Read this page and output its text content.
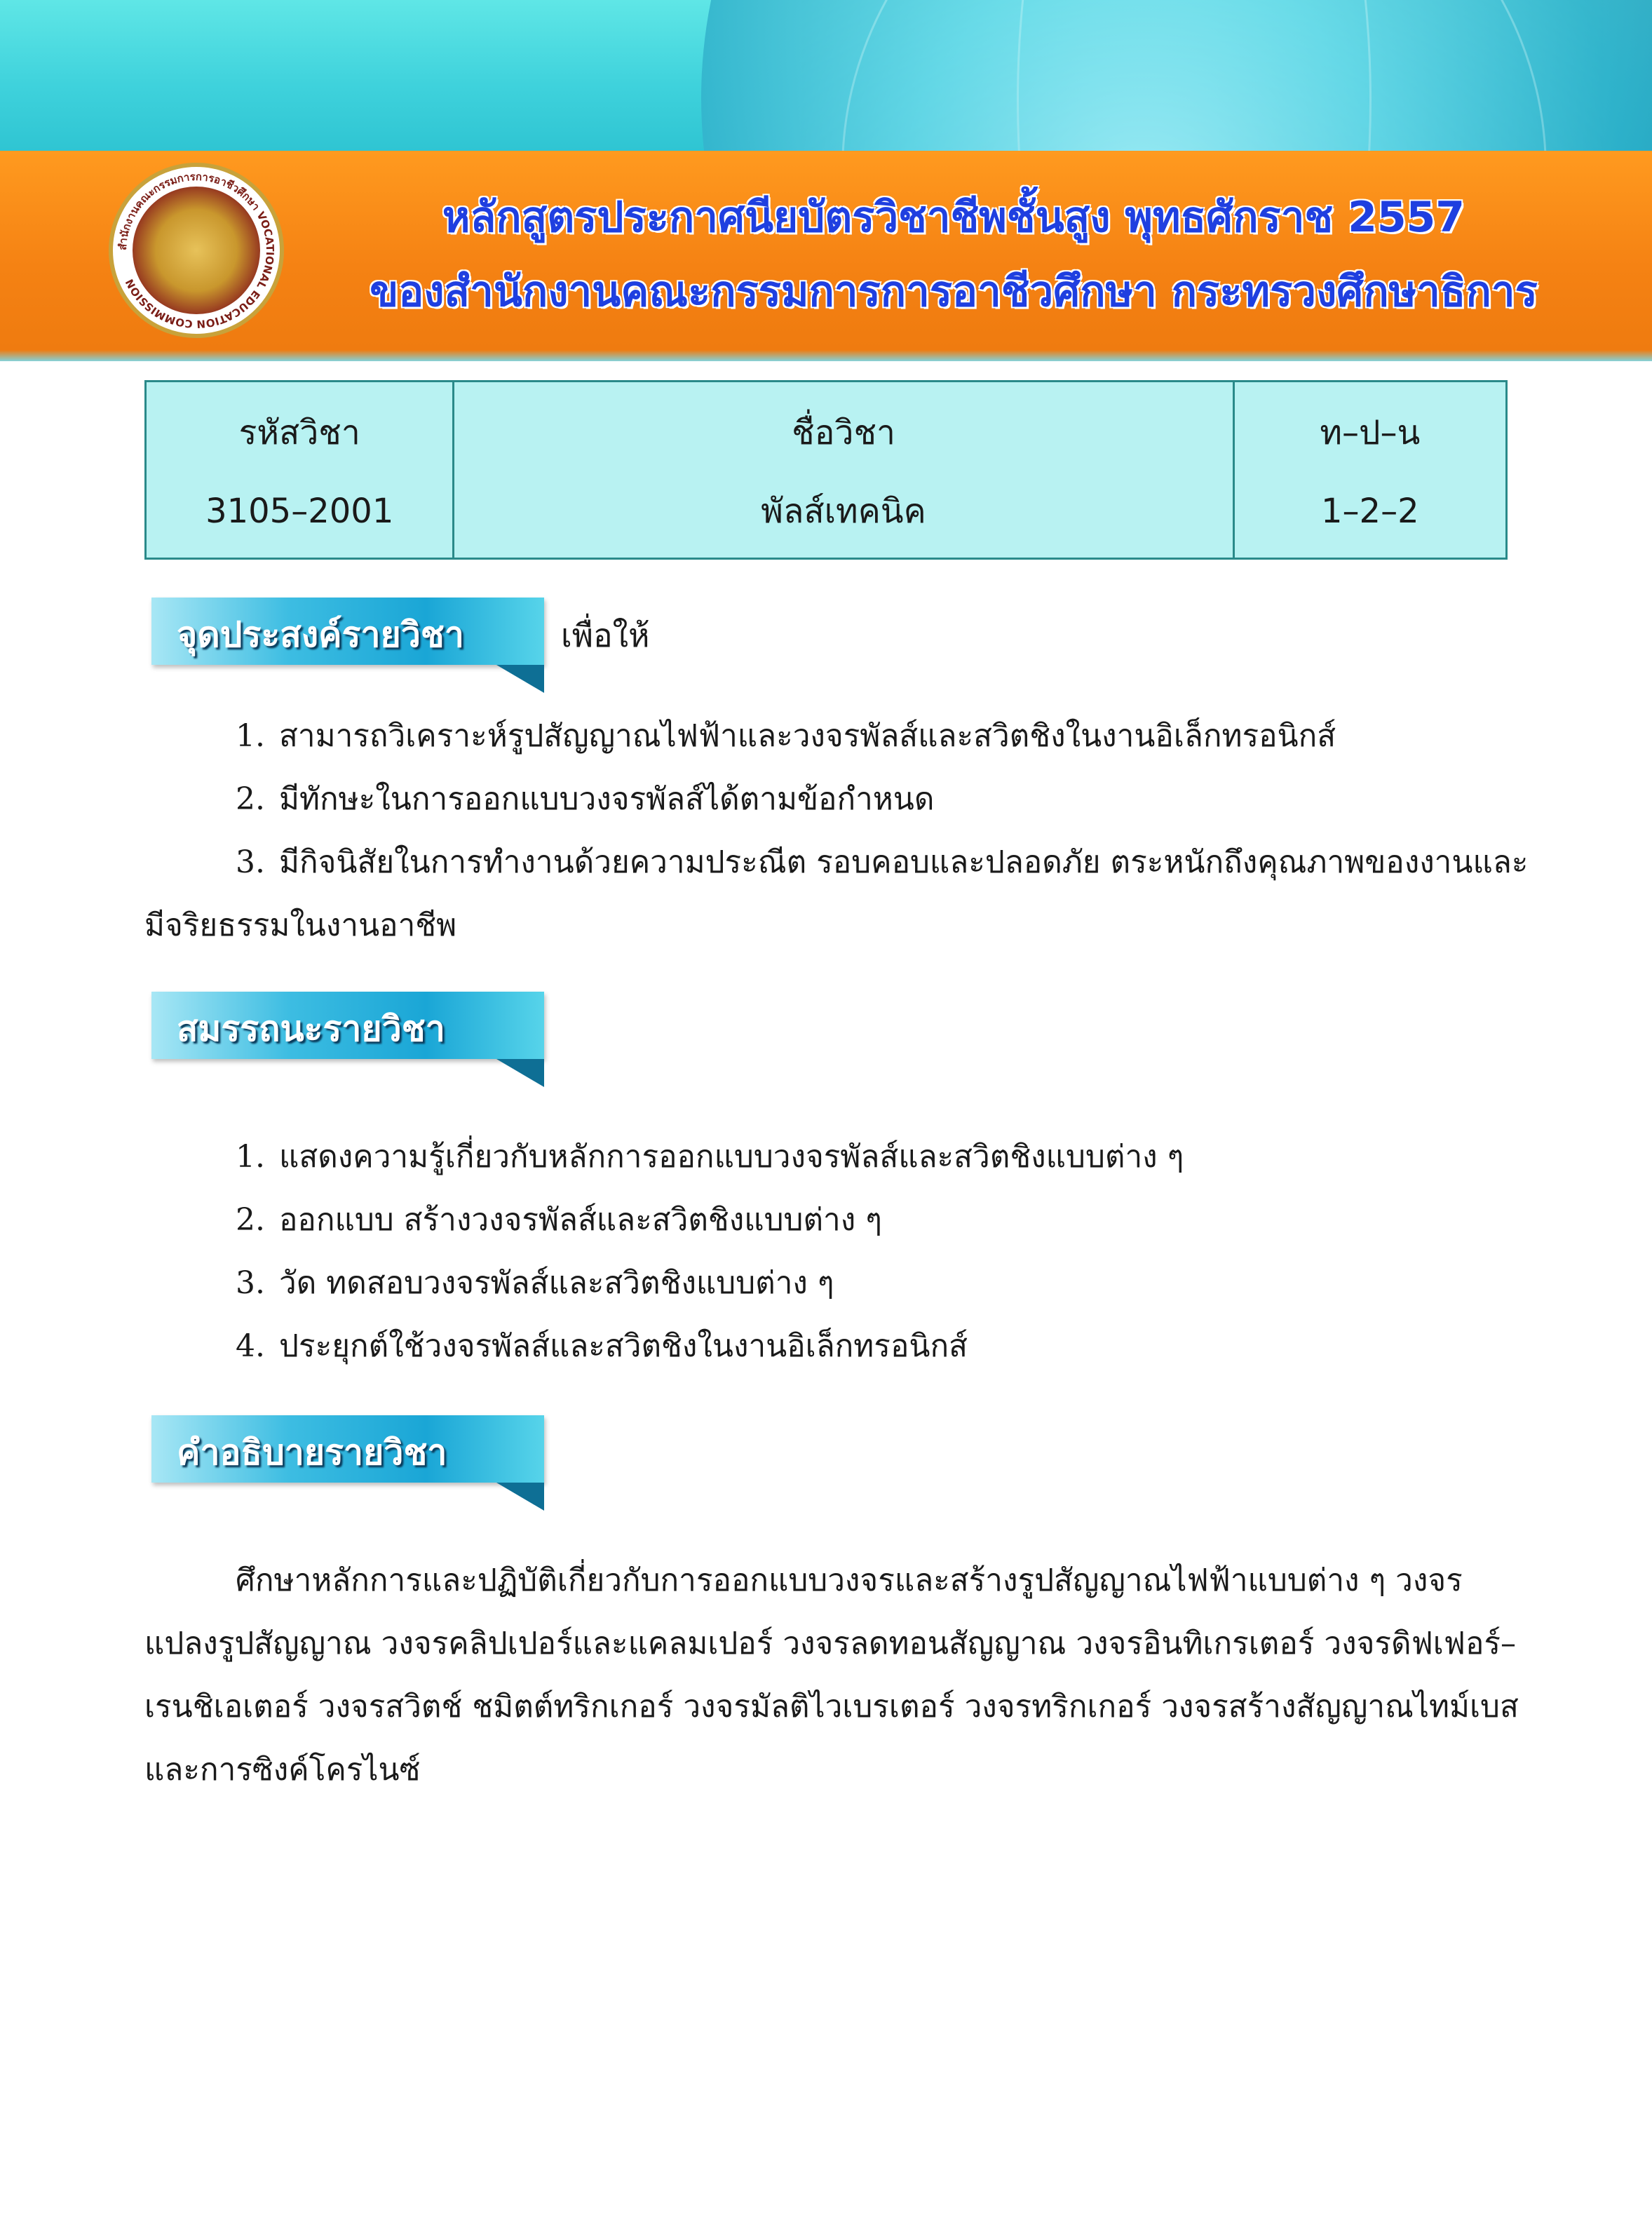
สำนักงานคณะกรรมการการอาชีวศึกษา VOCATIONAL EDUCATION COMMISSION
หลักสูตรประกาศนียบัตรวิชาชีพชั้นสูง พุทธศักราช 2557
ของสำนักงานคณะกรรมการการอาชีวศึกษา กระทรวงศึกษาธิการ
รหัสวิชา	ชื่อวิชา	ท–ป–น
3105–2001	พัลส์เทคนิค	1–2–2
จุดประสงค์รายวิชา	เพื่อให้
1. สามารถวิเคราะห์รูปสัญญาณไฟฟ้าและวงจรพัลส์และสวิตชิงในงานอิเล็กทรอนิกส์
2. มีทักษะในการออกแบบวงจรพัลส์ได้ตามข้อกำหนด
3. มีกิจนิสัยในการทำงานด้วยความประณีต รอบคอบและปลอดภัย ตระหนักถึงคุณภาพของงานและ
มีจริยธรรมในงานอาชีพ
สมรรถนะรายวิชา
1. แสดงความรู้เกี่ยวกับหลักการออกแบบวงจรพัลส์และสวิตชิงแบบต่าง ๆ
2. ออกแบบ สร้างวงจรพัลส์และสวิตชิงแบบต่าง ๆ
3. วัด ทดสอบวงจรพัลส์และสวิตชิงแบบต่าง ๆ
4. ประยุกต์ใช้วงจรพัลส์และสวิตชิงในงานอิเล็กทรอนิกส์
คำอธิบายรายวิชา
ศึกษาหลักการและปฏิบัติเกี่ยวกับการออกแบบวงจรและสร้างรูปสัญญาณไฟฟ้าแบบต่าง ๆ วงจร
แปลงรูปสัญญาณ วงจรคลิปเปอร์และแคลมเปอร์ วงจรลดทอนสัญญาณ วงจรอินทิเกรเตอร์ วงจรดิฟเฟอร์–
เรนชิเอเตอร์ วงจรสวิตช์ ชมิตต์ทริกเกอร์ วงจรมัลติไวเบรเตอร์ วงจรทริกเกอร์ วงจรสร้างสัญญาณไทม์เบส
และการซิงค์โครไนซ์
